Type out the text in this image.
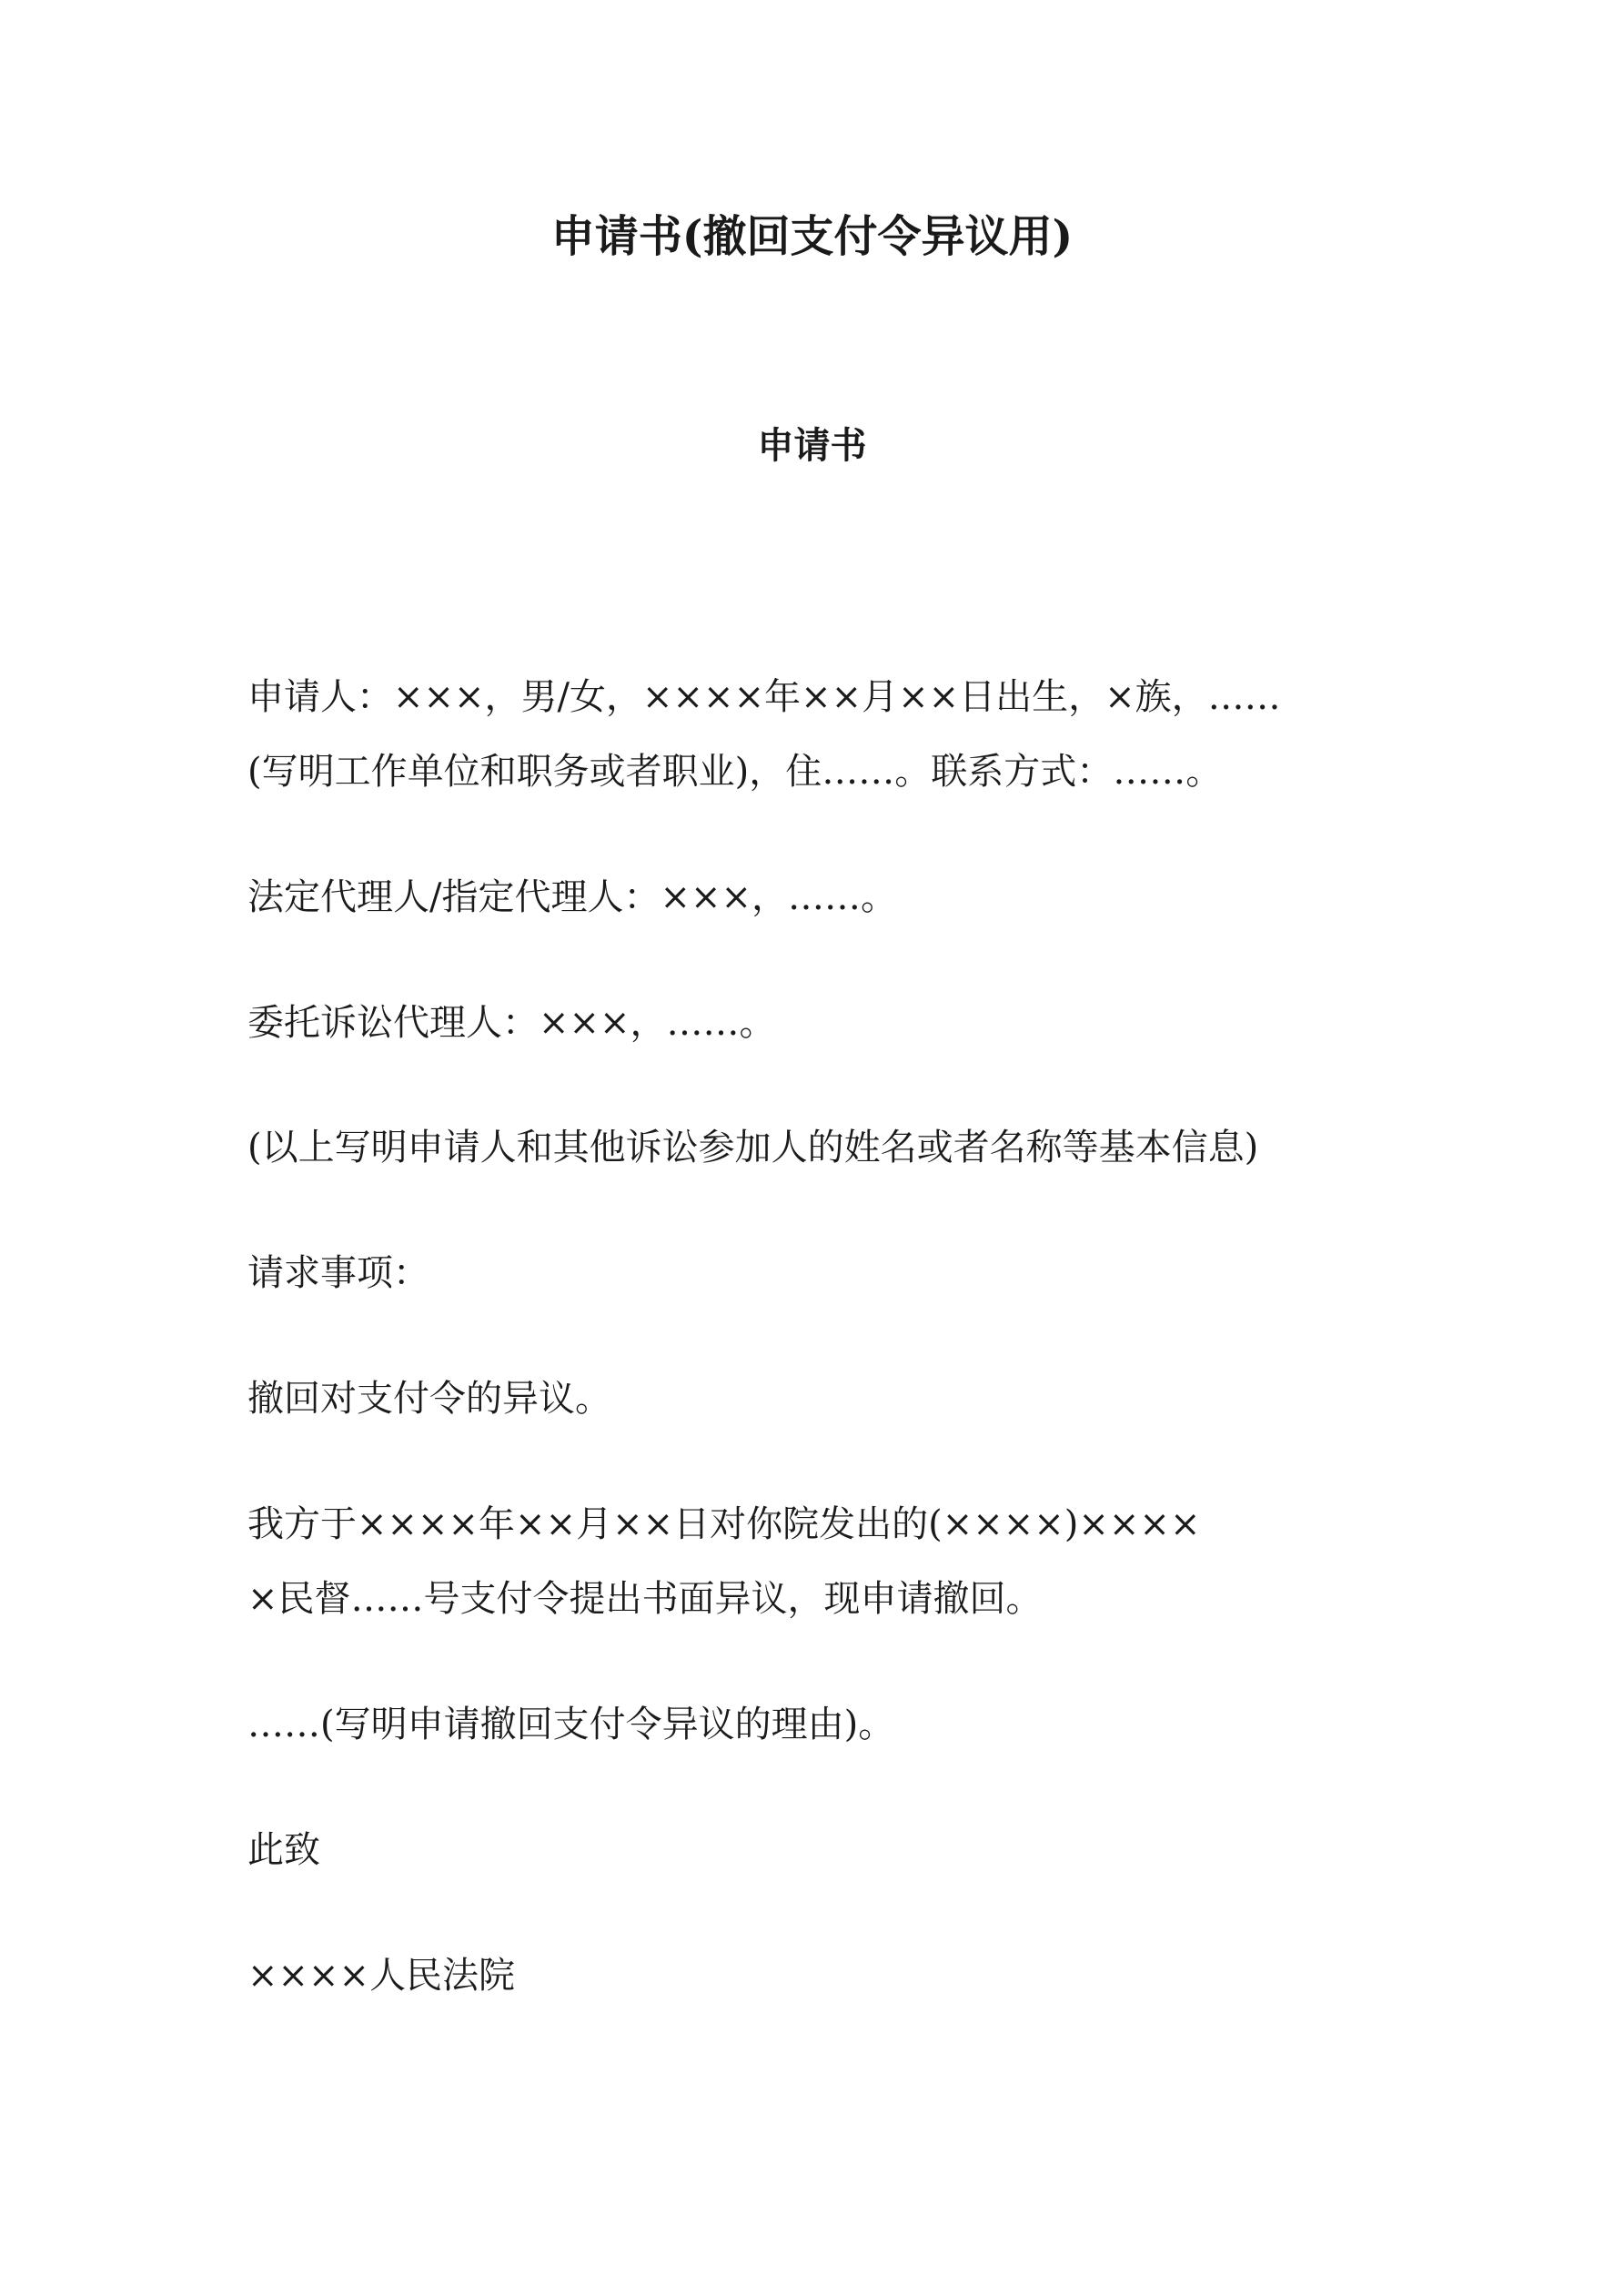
申请书(撤回支付令异议用)
申请书
申请人：×××，男/女，××××年××月××日出生，×族，……
(写明工作单位和职务或者职业)，住……。联系方式：……。
法定代理人/指定代理人：×××，……。
委托诉讼代理人：×××，……。
(以上写明申请人和其他诉讼参加人的姓名或者名称等基本信息)
请求事项：
撤回对支付令的异议。
我方于××××年××月××日对你院发出的(××××)××××
×民督……号支付令提出书面异议，现申请撤回。
……(写明申请撤回支付令异议的理由)。
此致
××××人民法院
